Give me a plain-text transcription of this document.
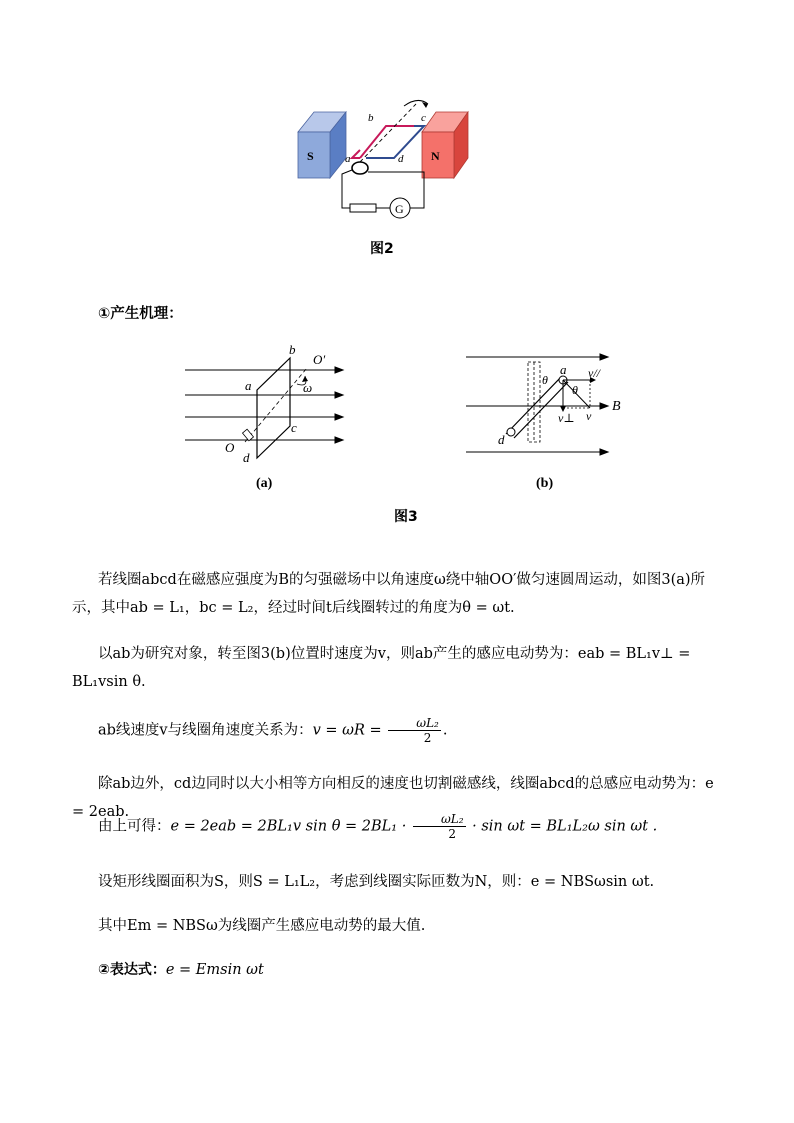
S	N
G
a
b	c
d
图2
①产生机理：
b
O′
ω
a
c
O
d
(a)
a
θ
θ
v//
v⊥ v
B
d
(b)
图3
若线圈abcd在磁感应强度为B的匀强磁场中以角速度ω绕中轴OO′做匀速圆周运动，如图3(a)所示，其中ab = L₁，bc = L₂，经过时间t后线圈转过的角度为θ = ωt.
以ab为研究对象，转至图3(b)位置时速度为v，则ab产生的感应电动势为：eab = BL₁v⊥ = BL₁vsin θ.
ab线速度v与线圈角速度关系为：$v = \omega R = \frac{\text{ωL₂}}{2}$ .
除ab边外，cd边同时以大小相等方向相反的速度也切割磁感线，线圈abcd的总感应电动势为：e = 2eab.
由上可得：e = 2eab = 2BL₁v $\sin \theta = 2BL_1 \cdot \frac{\text{ωL₂}}{2} \cdot \sin \omega t = BL_1L_2\omega$ sin ωt .
设矩形线圈面积为S，则S = L₁L₂，考虑到线圈实际匝数为N，则：e = NBSωsin ωt.
其中Em = NBSω为线圈产生感应电动势的最大值.
②表达式：e = Emsin ωt
